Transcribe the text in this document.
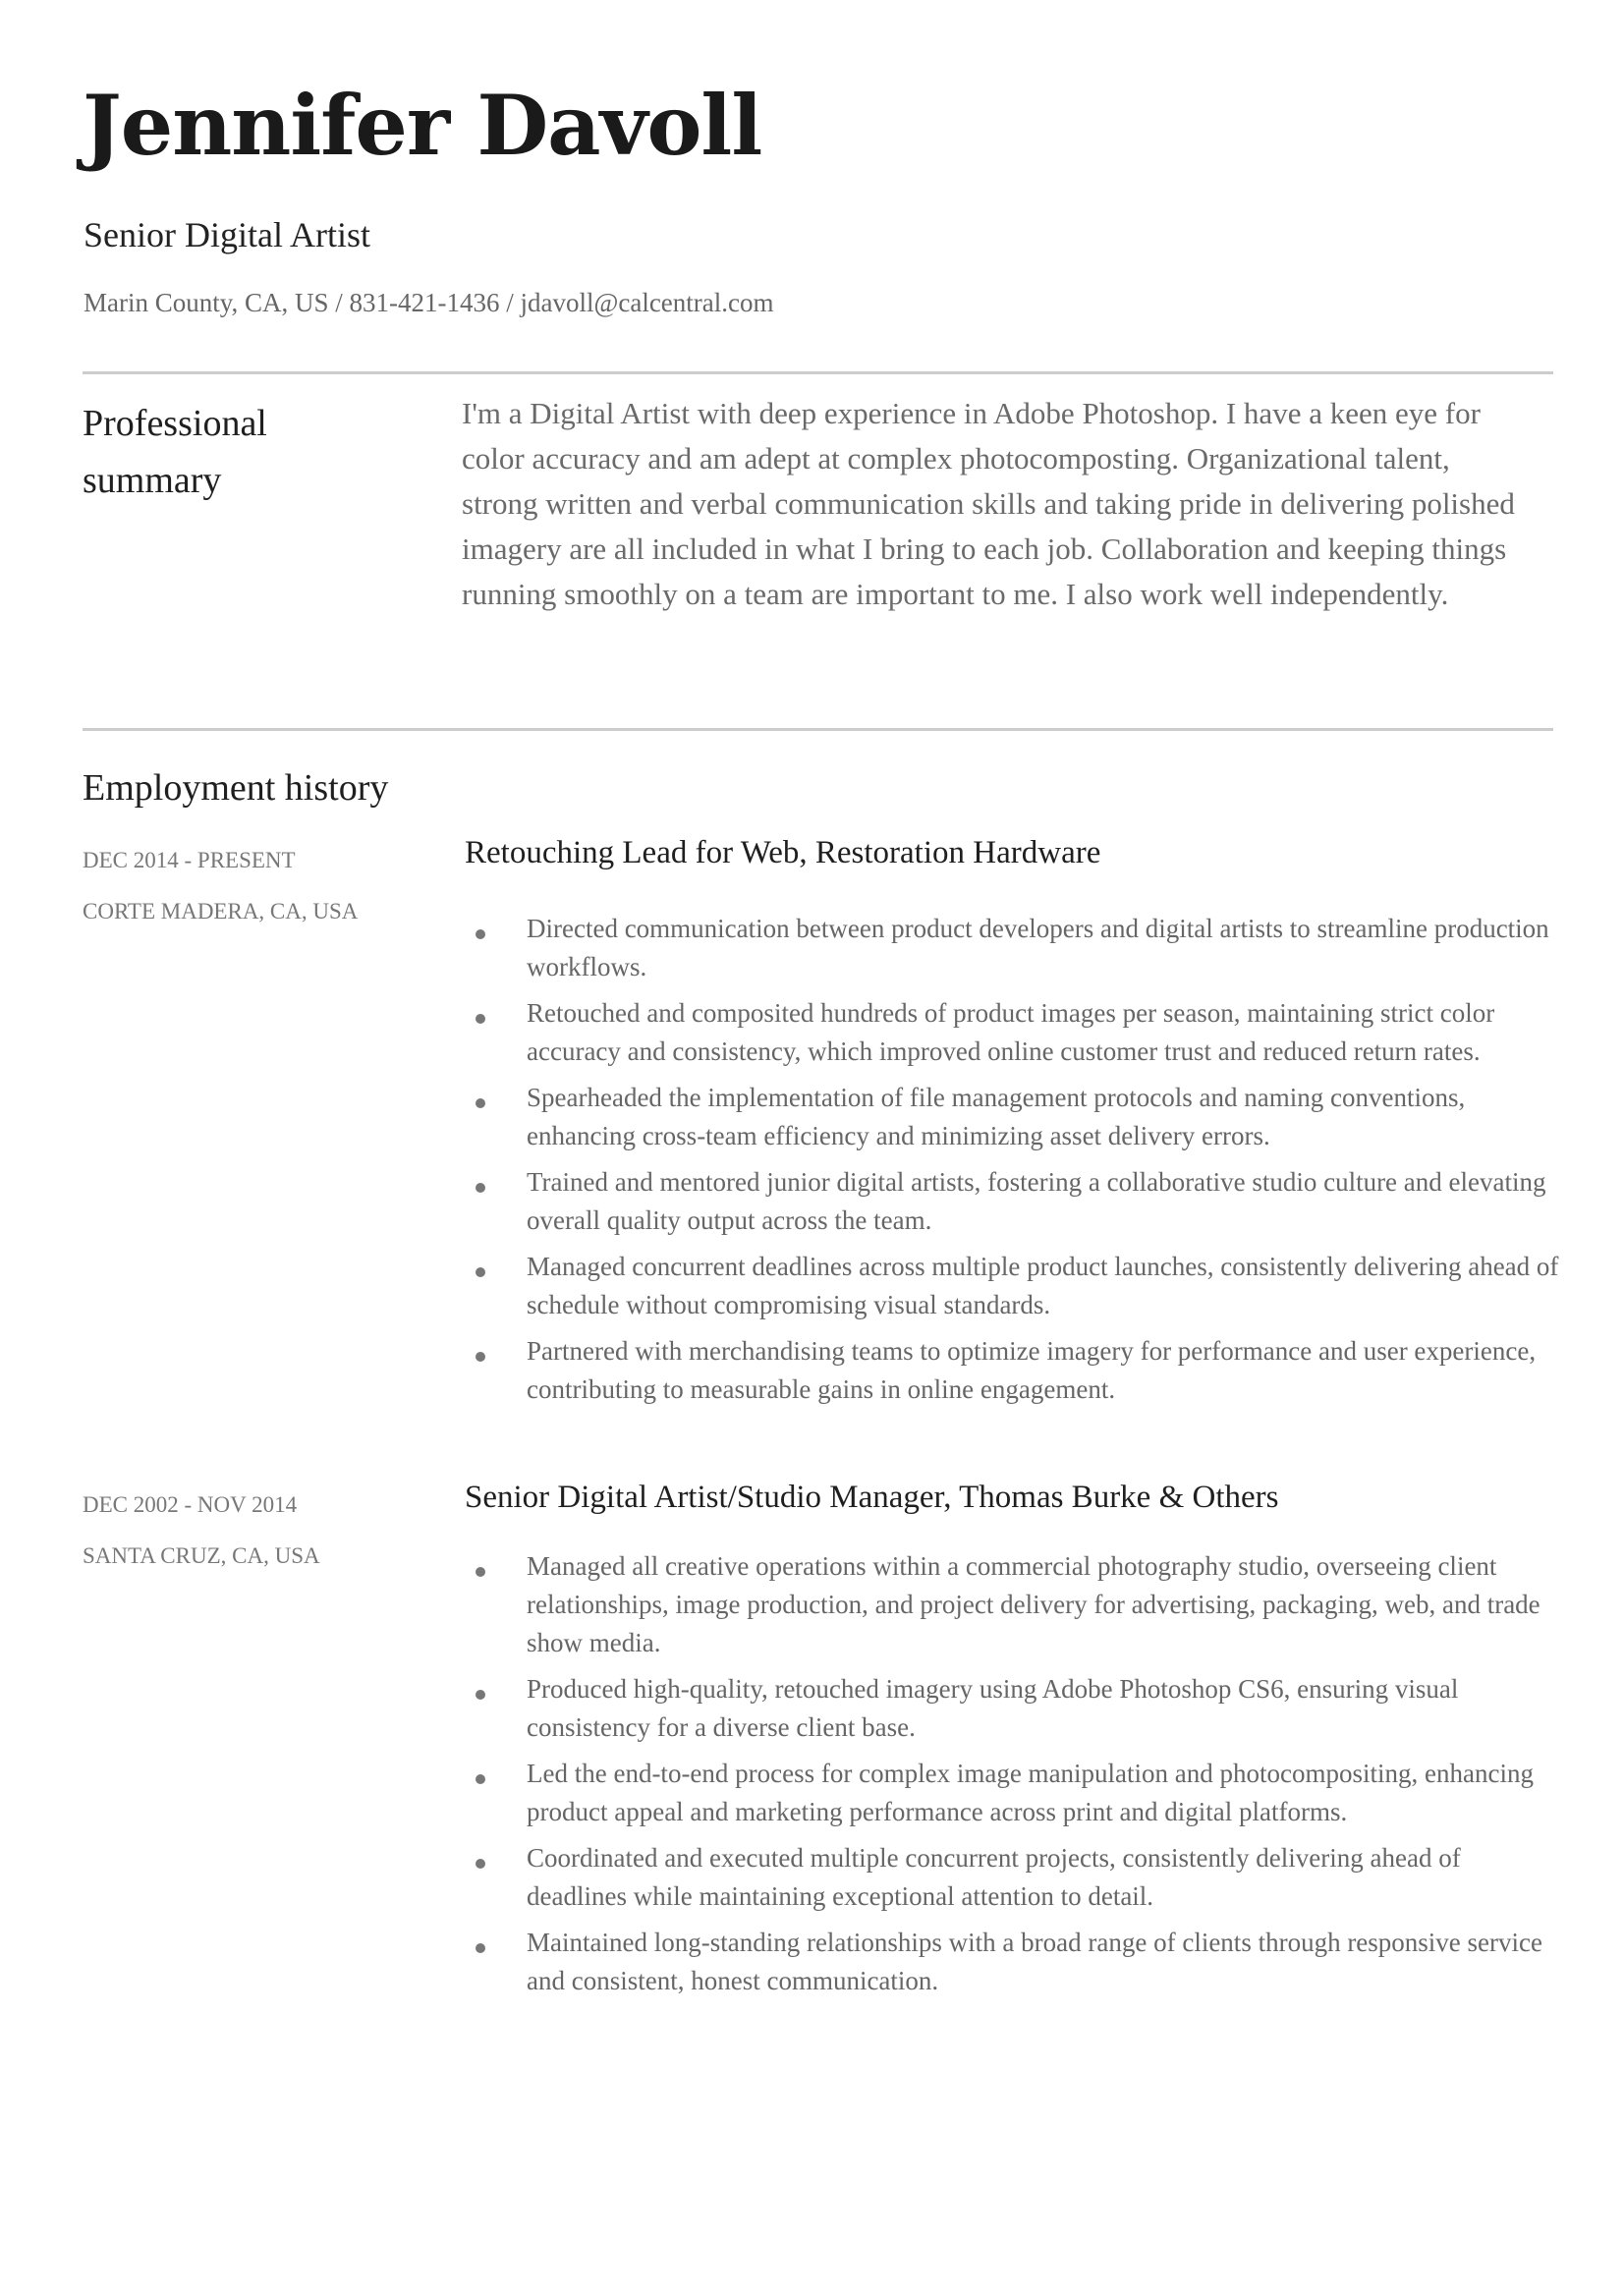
Jennifer Davoll
Senior Digital Artist
Marin County, CA, US / 831-421-1436 / jdavoll@calcentral.com
Professional
summary

I'm a Digital Artist with deep experience in Adobe Photoshop. I have a keen eye for color accuracy and am adept at complex photocomposting. Organizational talent, strong written and verbal communication skills and taking pride in delivering polished imagery are all included in what I bring to each job. Collaboration and keeping things running smoothly on a team are important to me. I also work well independently.

Employment history
DEC 2014 - PRESENT
CORTE MADERA, CA, USA
Retouching Lead for Web, Restoration Hardware
Directed communication between product developers and digital artists to streamline production workflows.
Retouched and composited hundreds of product images per season, maintaining strict color accuracy and consistency, which improved online customer trust and reduced return rates.
Spearheaded the implementation of file management protocols and naming conventions, enhancing cross-team efficiency and minimizing asset delivery errors.
Trained and mentored junior digital artists, fostering a collaborative studio culture and elevating overall quality output across the team.
Managed concurrent deadlines across multiple product launches, consistently delivering ahead of schedule without compromising visual standards.
Partnered with merchandising teams to optimize imagery for performance and user experience, contributing to measurable gains in online engagement.
DEC 2002 - NOV 2014
SANTA CRUZ, CA, USA
Senior Digital Artist/Studio Manager, Thomas Burke & Others
Managed all creative operations within a commercial photography studio, overseeing client relationships, image production, and project delivery for advertising, packaging, web, and trade show media.
Produced high-quality, retouched imagery using Adobe Photoshop CS6, ensuring visual consistency for a diverse client base.
Led the end-to-end process for complex image manipulation and photocompositing, enhancing product appeal and marketing performance across print and digital platforms.
Coordinated and executed multiple concurrent projects, consistently delivering ahead of deadlines while maintaining exceptional attention to detail.
Maintained long-standing relationships with a broad range of clients through responsive service and consistent, honest communication.
